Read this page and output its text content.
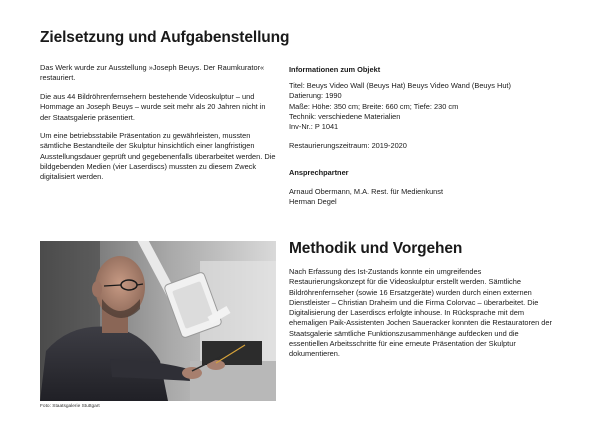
Zielsetzung und Aufgabenstellung

Das Werk wurde zur Ausstellung »Joseph Beuys. Der Raumkurator« restauriert.

Die aus 44 Bildröhrenfernsehern bestehende Videoskulptur – und Hommage an Joseph Beuys – wurde seit mehr als 20 Jahren nicht in der Staatsgalerie präsentiert.

Um eine betriebsstabile Präsentation zu gewährleisten, mussten sämtliche Bestandteile der Skulptur hinsichtlich einer langfristigen Ausstellungsdauer geprüft und gegebenenfalls überarbeitet werden. Die bildgebenden Medien (vier Laserdiscs) mussten zu diesem Zweck digitalisiert werden.

Informationen zum Objekt

Titel: Beuys Video Wall (Beuys Hat) Beuys Video Wand (Beuys Hut)
Datierung: 1990
Maße: Höhe: 350 cm; Breite: 660 cm; Tiefe: 230 cm
Technik: verschiedene Materialien
Inv-Nr.: P 1041
Restaurierungszeitraum: 2019-2020

Ansprechpartner

Arnaud Obermann, M.A. Rest. für Medienkunst
Herman Degel
Foto: Staatsgalerie Stuttgart
Methodik und Vorgehen

Nach Erfassung des Ist-Zustands konnte ein umgreifendes Restaurierungskonzept für die Videoskulptur erstellt werden. Sämtliche Bildröhrenfernseher (sowie 16 Ersatzgeräte) wurden durch einen externen Dienstleister – Christian Draheim und die Firma Colorvac – überarbeitet. Die Digitalisierung der Laserdiscs erfolgte inhouse. In Rücksprache mit dem ehemaligen Paik-Assistenten Jochen Saueracker konnten die Restauratoren der Staatsgalerie sämtliche Funktionszusammenhänge aufdecken und die essentiellen Arbeitsschritte für eine erneute Präsentation der Skulptur dokumentieren.
